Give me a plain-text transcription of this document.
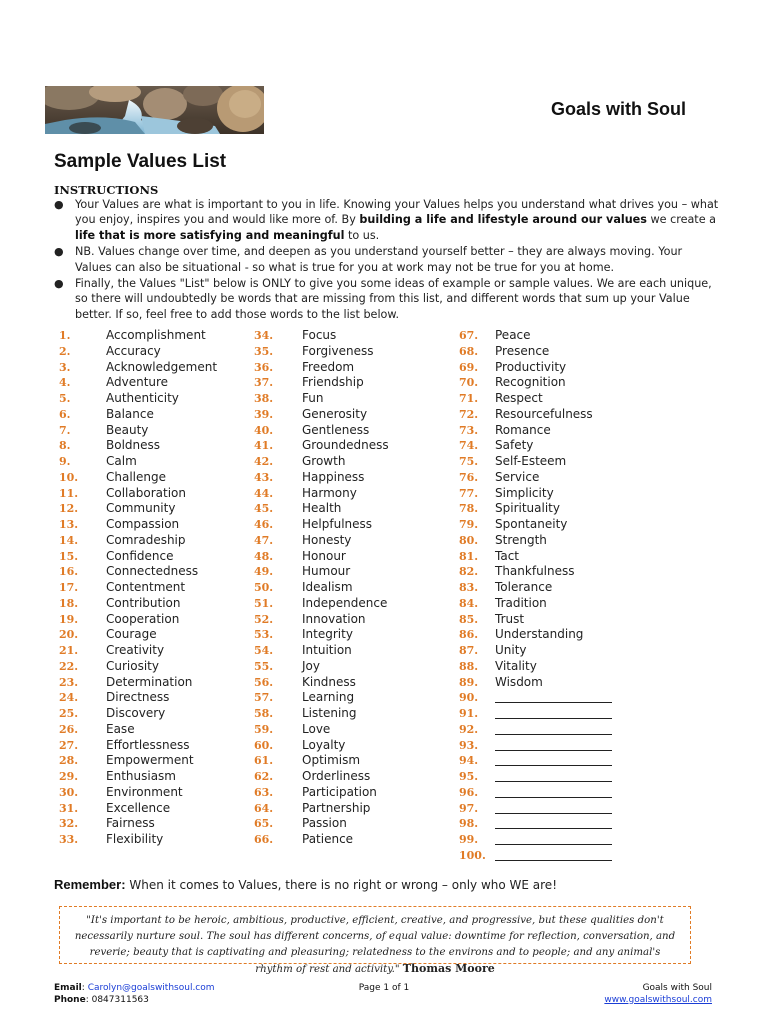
Goals with Soul
Sample Values List
INSTRUCTIONS
● Your Values are what is important to you in life. Knowing your Values helps you understand what drives you – what you enjoy, inspires you and would like more of. By building a life and lifestyle around our values we create a life that is more satisfying and meaningful to us.
● NB. Values change over time, and deepen as you understand yourself better – they are always moving. Your Values can also be situational - so what is true for you at work may not be true for you at home.
● Finally, the Values "List" below is ONLY to give you some ideas of example or sample values. We are each unique, so there will undoubtedly be words that are missing from this list, and different words that sum up your Value better. If so, feel free to add those words to the list below.
1.	Accomplishment
2.	Accuracy
3.	Acknowledgement
4.	Adventure
5.	Authenticity
6.	Balance
7.	Beauty
8.	Boldness
9.	Calm
10. Challenge
11. Collaboration
12. Community
13. Compassion
14. Comradeship
15. Confidence
16. Connectedness
17. Contentment
18. Contribution
19. Cooperation
20. Courage
21. Creativity
22. Curiosity
23. Determination
24. Directness
25. Discovery
26. Ease
27. Effortlessness
28. Empowerment
29. Enthusiasm
30. Environment
31. Excellence
32. Fairness
33. Flexibility
34. Focus
35. Forgiveness
36. Freedom
37. Friendship
38. Fun
39. Generosity
40. Gentleness
41. Groundedness
42. Growth
43. Happiness
44. Harmony
45. Health
46. Helpfulness
47. Honesty
48. Honour
49. Humour
50. Idealism
51. Independence
52. Innovation
53. Integrity
54. Intuition
55. Joy
56. Kindness
57. Learning
58. Listening
59. Love
60. Loyalty
61. Optimism
62. Orderliness
63. Participation
64. Partnership
65. Passion
66. Patience
67. Peace
68. Presence
69. Productivity
70. Recognition
71. Respect
72. Resourcefulness
73. Romance
74. Safety
75. Self-Esteem
76. Service
77. Simplicity
78. Spirituality
79. Spontaneity
80. Strength
81. Tact
82. Thankfulness
83. Tolerance
84. Tradition
85. Trust
86. Understanding
87. Unity
88. Vitality
89. Wisdom
90.
91.
92.
93.
94.
95.
96.
97.
98.
99.
100.
Remember: When it comes to Values, there is no right or wrong – only who WE are!
"It's important to be heroic, ambitious, productive, efficient, creative, and progressive, but these qualities don't necessarily nurture soul. The soul has different concerns, of equal value: downtime for reflection, conversation, and reverie; beauty that is captivating and pleasuring; relatedness to the environs and to people; and any animal's rhythm of rest and activity." Thomas Moore
Email: Carolyn@goalswithsoul.com
Phone: 0847311563
Page 1 of 1	Goals with Soul
www.goalswithsoul.com
